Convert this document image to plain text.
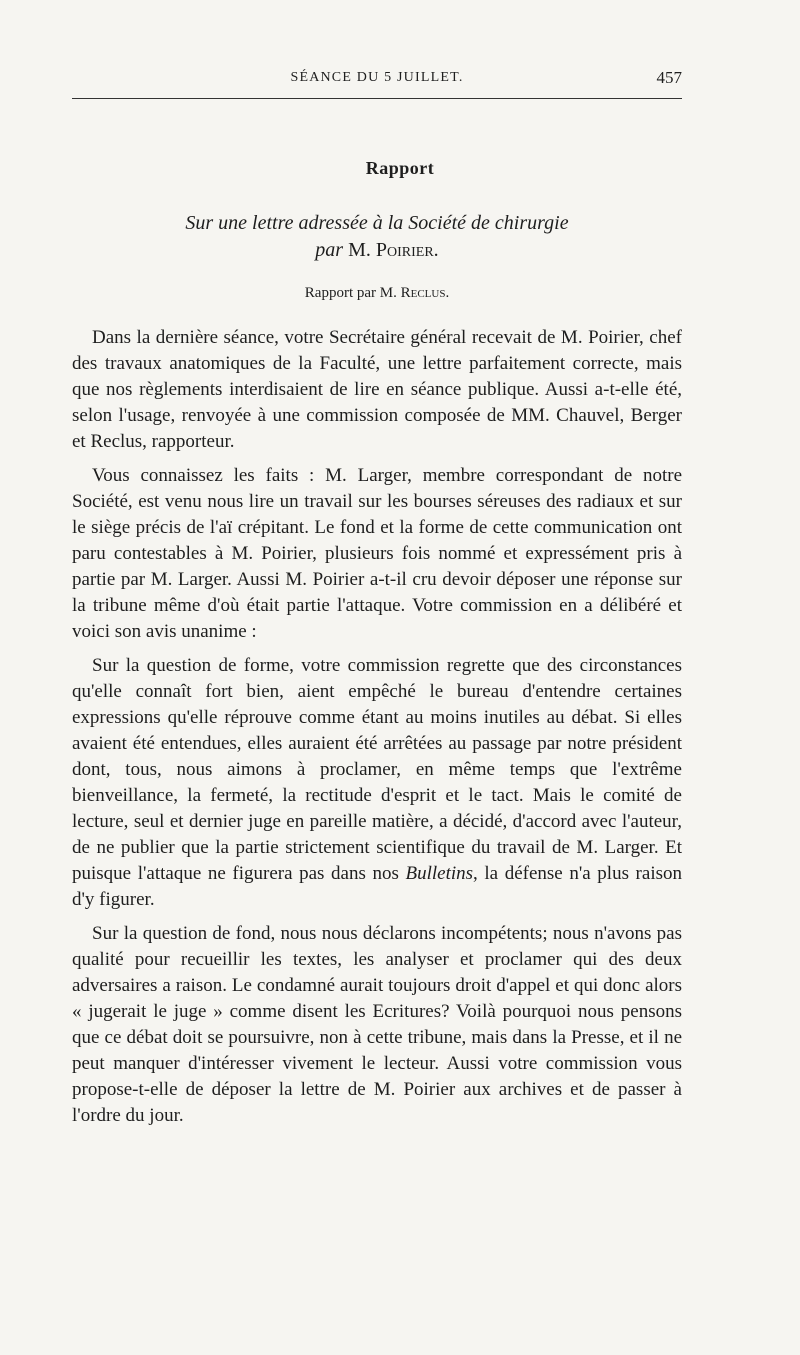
SÉANCE DU 5 JUILLET.	457
Rapport
Sur une lettre adressée à la Société de chirurgie
par M. Poirier.
Rapport par M. Reclus.

Dans la dernière séance, votre Secrétaire général recevait de M. Poirier, chef des travaux anatomiques de la Faculté, une lettre parfaitement correcte, mais que nos règlements interdisaient de lire en séance publique. Aussi a-t-elle été, selon l'usage, renvoyée à une commission composée de MM. Chauvel, Berger et Reclus, rapporteur.

Vous connaissez les faits : M. Larger, membre correspondant de notre Société, est venu nous lire un travail sur les bourses séreuses des radiaux et sur le siège précis de l'aï crépitant. Le fond et la forme de cette communication ont paru contestables à M. Poirier, plusieurs fois nommé et expressément pris à partie par M. Larger. Aussi M. Poirier a-t-il cru devoir déposer une réponse sur la tribune même d'où était partie l'attaque. Votre commission en a délibéré et voici son avis unanime :

Sur la question de forme, votre commission regrette que des circonstances qu'elle connaît fort bien, aient empêché le bureau d'entendre certaines expressions qu'elle réprouve comme étant au moins inutiles au débat. Si elles avaient été entendues, elles auraient été arrêtées au passage par notre président dont, tous, nous aimons à proclamer, en même temps que l'extrême bienveillance, la fermeté, la rectitude d'esprit et le tact. Mais le comité de lecture, seul et dernier juge en pareille matière, a décidé, d'accord avec l'auteur, de ne publier que la partie strictement scientifique du travail de M. Larger. Et puisque l'attaque ne figurera pas dans nos Bulletins, la défense n'a plus raison d'y figurer.

Sur la question de fond, nous nous déclarons incompétents; nous n'avons pas qualité pour recueillir les textes, les analyser et proclamer qui des deux adversaires a raison. Le condamné aurait toujours droit d'appel et qui donc alors « jugerait le juge » comme disent les Ecritures? Voilà pourquoi nous pensons que ce débat doit se poursuivre, non à cette tribune, mais dans la Presse, et il ne peut manquer d'intéresser vivement le lecteur. Aussi votre commission vous propose-t-elle de déposer la lettre de M. Poirier aux archives et de passer à l'ordre du jour.
